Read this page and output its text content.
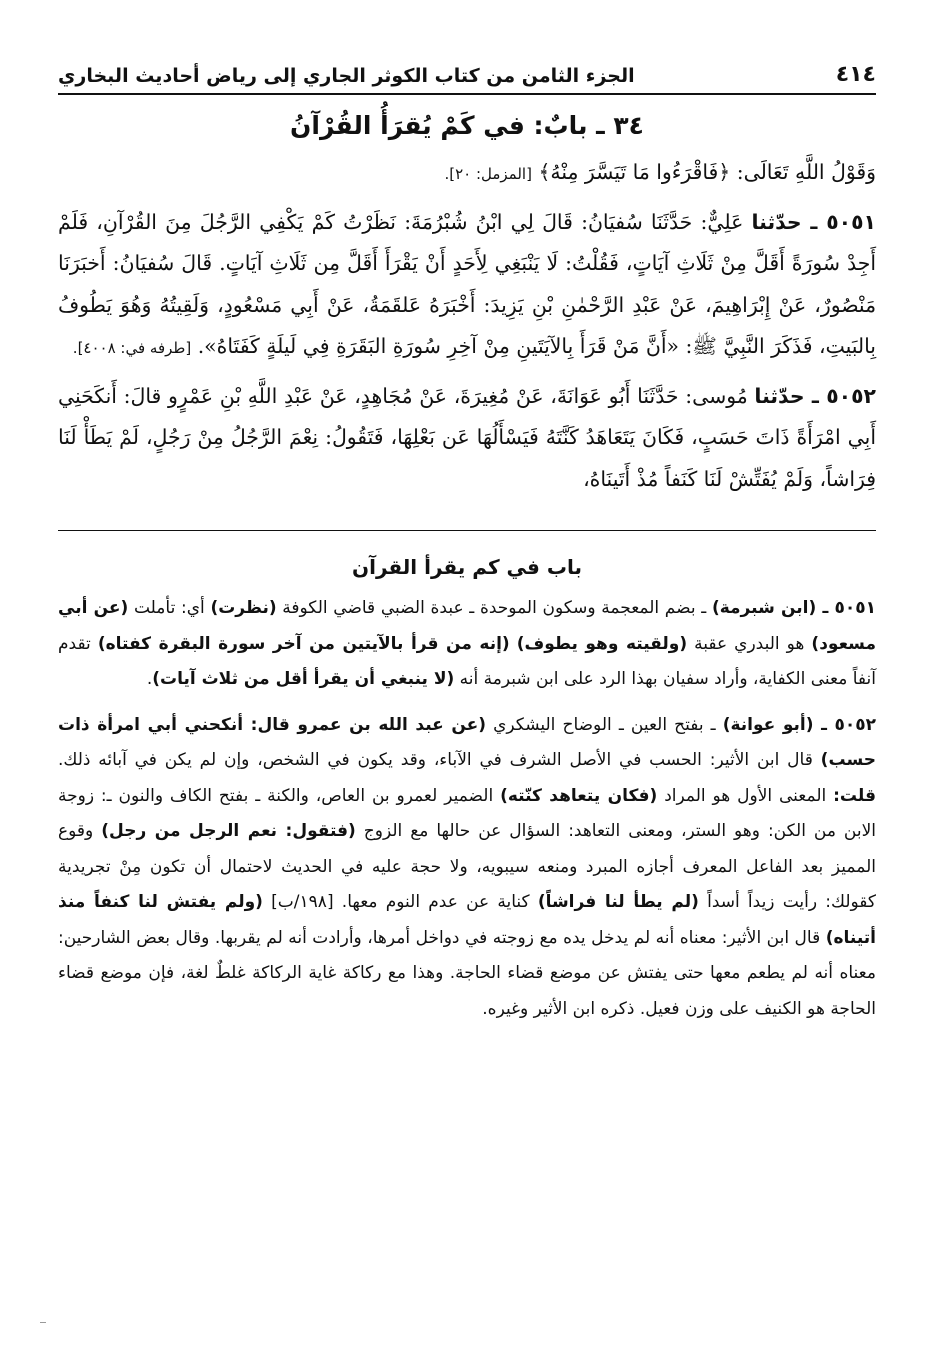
٤١٤
الجزء الثامن من كتاب الكوثر الجاري إلى رياض أحاديث البخاري
٣٤ ـ بابٌ: في كَمْ يُقرَأُ القُرْآنُ

وَقَوْلُ اللَّهِ تَعَالَى: ﴿فَاقْرَءُوا مَا تَيَسَّرَ مِنْهُ﴾ [المزمل: ٢٠].

٥٠٥١ ـ حدّثنا عَلِيٌّ: حَدَّثَنَا سُفيَانُ: قَالَ لِي ابْنُ شُبْرُمَةَ: نَظَرْتُ كَمْ يَكْفِي الرَّجُلَ مِنَ القُرْآنِ، فَلَمْ أَجِدْ سُورَةً أَقَلَّ مِنْ ثَلَاثِ آيَاتٍ، فَقُلْتُ: لَا يَنْبَغِي لِأَحَدٍ أَنْ يَقْرَأَ أَقَلَّ مِن ثَلَاثِ آيَاتٍ. قَالَ سُفيَانُ: أَخبَرَنَا مَنْصُورٌ، عَنْ إِبْرَاهِيمَ، عَنْ عَبْدِ الرَّحْمٰنِ بْنِ يَزِيدَ: أَخْبَرَهُ عَلقَمَةُ، عَنْ أَبِي مَسْعُودٍ، وَلَقِيتُهُ وَهُوَ يَطُوفُ بِالبَيتِ، فَذَكَرَ النَّبِيَّ ﷺ: «أَنَّ مَنْ قَرَأَ بِالآيَتَينِ مِنْ آخِرِ سُورَةِ البَقَرَةِ فِي لَيلَةٍ كَفَتَاهُ». [طرفه في: ٤٠٠٨].

٥٠٥٢ ـ حدّثنا مُوسى: حَدَّثَنَا أَبُو عَوَانَةَ، عَنْ مُغِيرَةَ، عَنْ مُجَاهِدٍ، عَنْ عَبْدِ اللَّهِ بْنِ عَمْرٍو قالَ: أَنكَحَنِي أَبِي امْرَأَةً ذَاتَ حَسَبٍ، فَكَانَ يَتَعَاهَدُ كَنَّتَهُ فَيَسْأَلُهَا عَن بَعْلِهَا، فَتَقُولُ: نِعْمَ الرَّجُلُ مِنْ رَجُلٍ، لَمْ يَطَأْ لَنَا فِرَاشاً، وَلَمْ يُفَتِّشْ لَنَا كَنَفاً مُذْ أَتَينَاهُ،

باب في كم يقرأ القرآن

٥٠٥١ ـ (ابن شبرمة) ـ بضم المعجمة وسكون الموحدة ـ عبدة الضبي قاضي الكوفة (نظرت) أي: تأملت (عن أبي مسعود) هو البدري عقبة (ولقيته وهو يطوف) (إنه من قرأ بالآيتين من آخر سورة البقرة كفتاه) تقدم آنفاً معنى الكفاية، وأراد سفيان بهذا الرد على ابن شبرمة أنه (لا ينبغي أن يقرأ أقل من ثلاث آيات).

٥٠٥٢ ـ (أبو عوانة) ـ بفتح العين ـ الوضاح اليشكري (عن عبد الله بن عمرو قال: أنكحني أبي امرأة ذات حسب) قال ابن الأثير: الحسب في الأصل الشرف في الآباء، وقد يكون في الشخص، وإن لم يكن في آبائه ذلك. قلت: المعنى الأول هو المراد (فكان يتعاهد كنّته) الضمير لعمرو بن العاص، والكنة ـ بفتح الكاف والنون ـ: زوجة الابن من الكن: وهو الستر، ومعنى التعاهد: السؤال عن حالها مع الزوج (فتقول: نعم الرجل من رجل) وقوع المميز بعد الفاعل المعرف أجازه المبرد ومنعه سيبويه، ولا حجة عليه في الحديث لاحتمال أن تكون مِنْ تجريدية كقولك: رأيت زيداً أسداً (لم يطأ لنا فراشاً) كناية عن عدم النوم معها. [١٩٨/ب] (ولم يفتش لنا كنفاً منذ أتيناه) قال ابن الأثير: معناه أنه لم يدخل يده مع زوجته في دواخل أمرها، وأرادت أنه لم يقربها. وقال بعض الشارحين: معناه أنه لم يطعم معها حتى يفتش عن موضع قضاء الحاجة. وهذا مع ركاكة غاية الركاكة غلطٌ لغة، فإن موضع قضاء الحاجة هو الكنيف على وزن فعيل. ذكره ابن الأثير وغيره.
